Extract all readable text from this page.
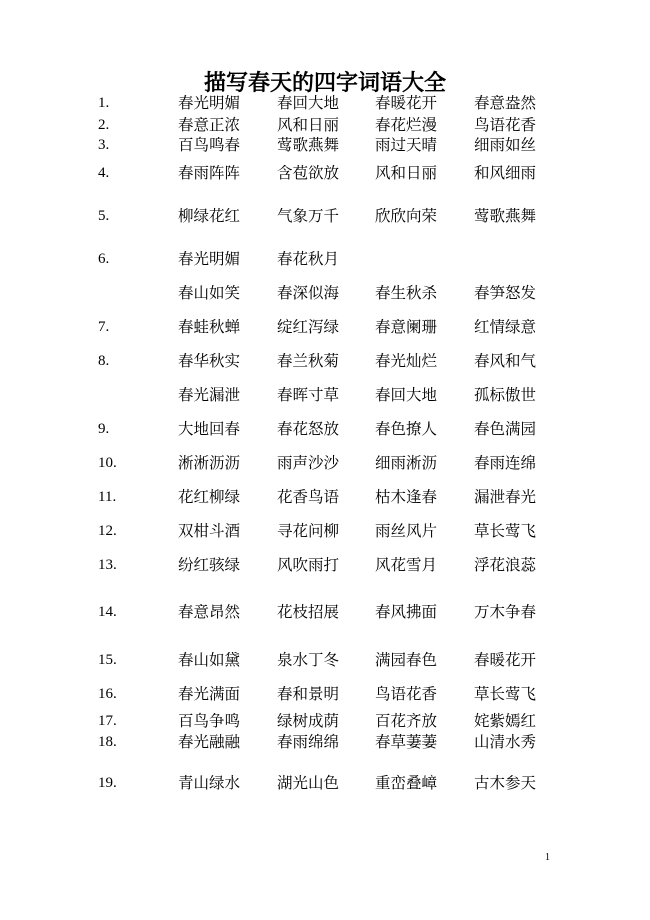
描写春天的四字词语大全
1.	春光明媚	春回大地	春暖花开	春意盎然
2.	春意正浓	风和日丽	春花烂漫	鸟语花香
3.	百鸟鸣春	莺歌燕舞	雨过天晴	细雨如丝
4.	春雨阵阵	含苞欲放	风和日丽	和风细雨
5.	柳绿花红	气象万千	欣欣向荣	莺歌燕舞
6.	春光明媚	春花秋月
春山如笑	春深似海	春生秋杀	春笋怒发
7.	春蛙秋蝉	绽红泻绿	春意阑珊	红情绿意
8.	春华秋实	春兰秋菊	春光灿烂	春风和气
春光漏泄	春晖寸草	春回大地	孤标傲世
9.	大地回春	春花怒放	春色撩人	春色满园
10.	淅淅沥沥	雨声沙沙	细雨淅沥	春雨连绵
11.	花红柳绿	花香鸟语	枯木逢春	漏泄春光
12.	双柑斗酒	寻花问柳	雨丝风片	草长莺飞
13.	纷红骇绿	风吹雨打	风花雪月	浮花浪蕊
14.	春意昂然	花枝招展	春风拂面	万木争春
15.	春山如黛	泉水丁冬	满园春色	春暖花开
16.	春光满面	春和景明	鸟语花香	草长莺飞
17.	百鸟争鸣	绿树成荫	百花齐放	姹紫嫣红
18.	春光融融	春雨绵绵	春草萋萋	山清水秀
19.	青山绿水	湖光山色	重峦叠嶂	古木参天
1
